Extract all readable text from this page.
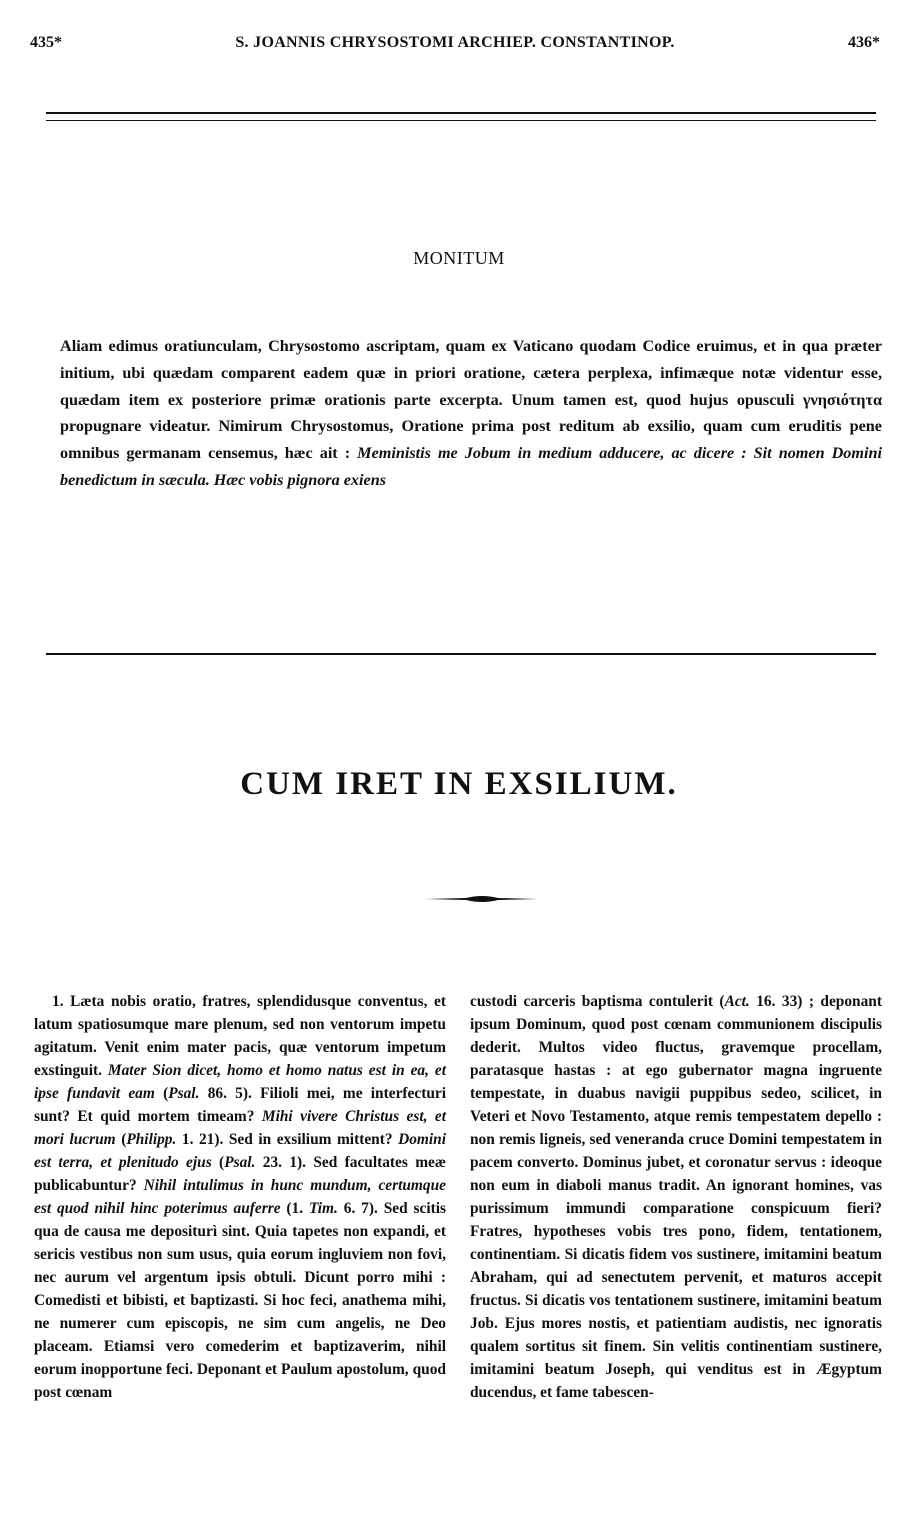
435*	S. JOANNIS CHRYSOSTOMI ARCHIEP. CONSTANTINOP.	436*
MONITUM

Aliam edimus oratiunculam, Chrysostomo ascriptam, quam ex Vaticano quodam Codice eruimus, et in qua præter initium, ubi quædam comparent eadem quæ in priori oratione, cætera perplexa, infimæque notæ videntur esse, quædam item ex posteriore primæ orationis parte excerpta. Unum tamen est, quod hujus opusculi γνησιότητα propugnare videatur. Nimirum Chrysostomus, Oratione prima post reditum ab exsilio, quam cum eruditis pene omnibus germanam censemus, hæc ait : Meministis me Jobum in medium adducere, ac dicere : Sit nomen Domini benedictum in sæcula. Hæc vobis pignora exiens

CUM IRET IN EXSILIUM.

1. Læta nobis oratio, fratres, splendidusque conventus, et latum spatiosumque mare plenum, sed non ventorum impetu agitatum. Venit enim mater pacis, quæ ventorum impetum exstinguit. Mater Sion dicet, homo et homo natus est in ea, et ipse fundavit eam (Psal. 86. 5). Filioli mei, me interfecturi sunt? Et quid mortem timeam? Mihi vivere Christus est, et mori lucrum (Philipp. 1. 21). Sed in exsilium mittent? Domini est terra, et plenitudo ejus (Psal. 23. 1). Sed facultates meæ publicabuntur? Nihil intulimus in hunc mundum, certumque est quod nihil hinc poterimus auferre (1. Tim. 6. 7). Sed scitis qua de causa me depositurì sint. Quia tapetes non expandi, et sericis vestibus non sum usus, quia eorum ingluviem non fovi, nec aurum vel argentum ipsis obtuli. Dicunt porro mihi : Comedisti et bibisti, et baptizasti. Si hoc feci, anathema mihi, ne numerer cum episcopis, ne sim cum angelis, ne Deo placeam. Etiamsi vero comederim et baptizaverim, nihil eorum inopportune feci. Deponant et Paulum apostolum, quod post cœnam

custodi carceris baptisma contulerit (Act. 16. 33) ; deponant ipsum Dominum, quod post cœnam communionem discipulis dederit. Multos video fluctus, gravemque procellam, paratasque hastas : at ego gubernator magna ingruente tempestate, in duabus navigii puppibus sedeo, scilicet, in Veteri et Novo Testamento, atque remis tempestatem depello : non remis ligneis, sed veneranda cruce Domini tempestatem in pacem converto. Dominus jubet, et coronatur servus : ideoque non eum in diaboli manus tradit. An ignorant homines, vas purissimum immundi comparatione conspicuum fieri? Fratres, hypotheses vobis tres pono, fidem, tentationem, continentiam. Si dicatis fidem vos sustinere, imitamini beatum Abraham, qui ad senectutem pervenit, et maturos accepit fructus. Si dicatis vos tentationem sustinere, imitamini beatum Job. Ejus mores nostis, et patientiam audistis, nec ignoratis qualem sortitus sit finem. Sin velitis continentiam sustinere, imitamini beatum Joseph, qui venditus est in Ægyptum ducendus, et fame tabescen-
